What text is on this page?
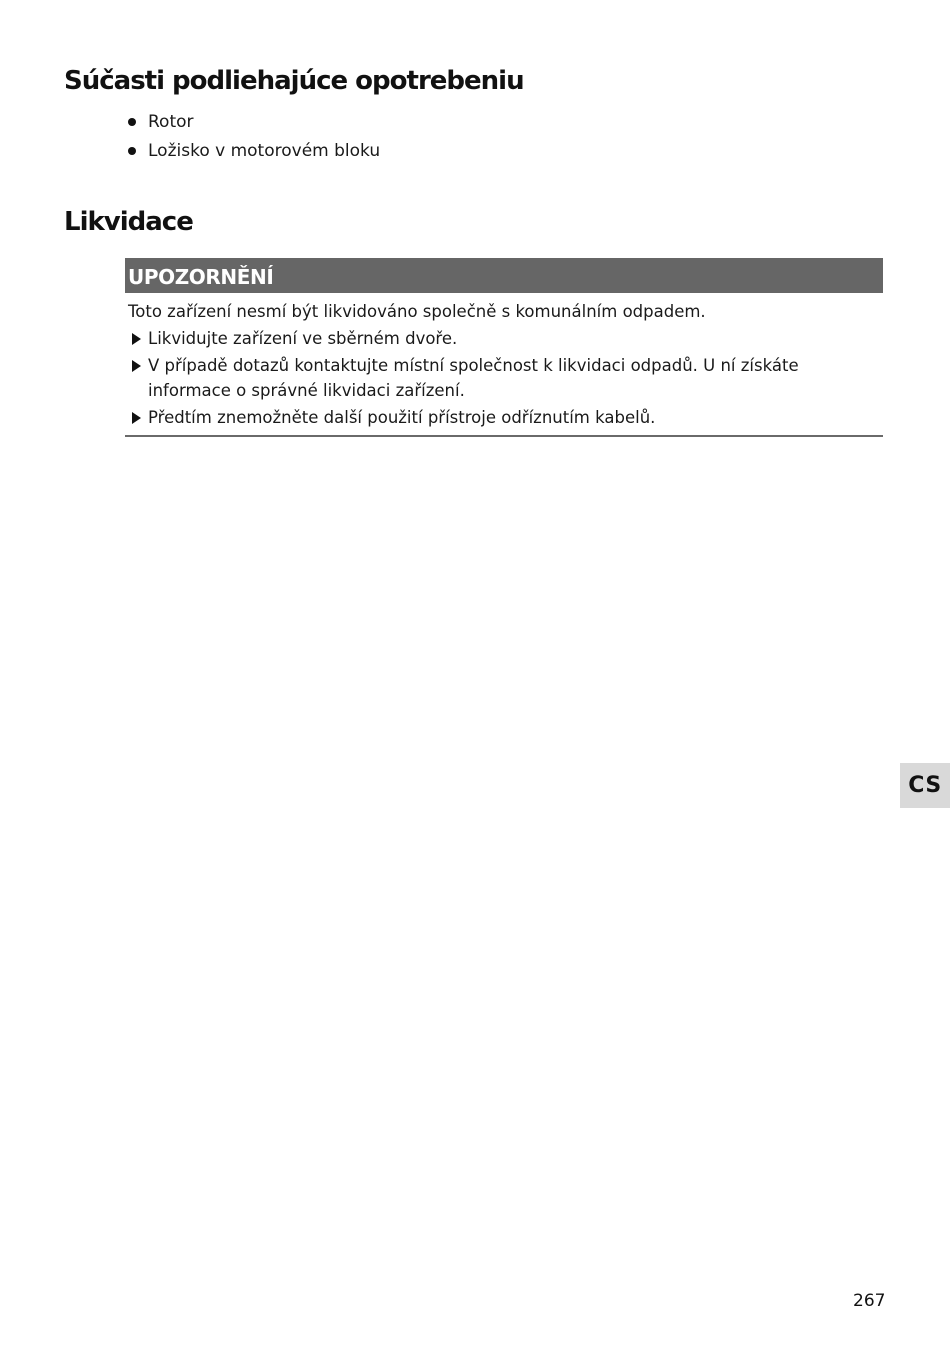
Súčasti podliehajúce opotrebeniu
Rotor
Ložisko v motorovém bloku
Likvidace
UPOZORNĚNÍ
Toto zařízení nesmí být likvidováno společně s komunálním odpadem.
Likvidujte zařízení ve sběrném dvoře.
V případě dotazů kontaktujte místní společnost k likvidaci odpadů. U ní získáte informace o správné likvidaci zařízení.
Předtím znemožněte další použití přístroje odříznutím kabelů.
CS
267
